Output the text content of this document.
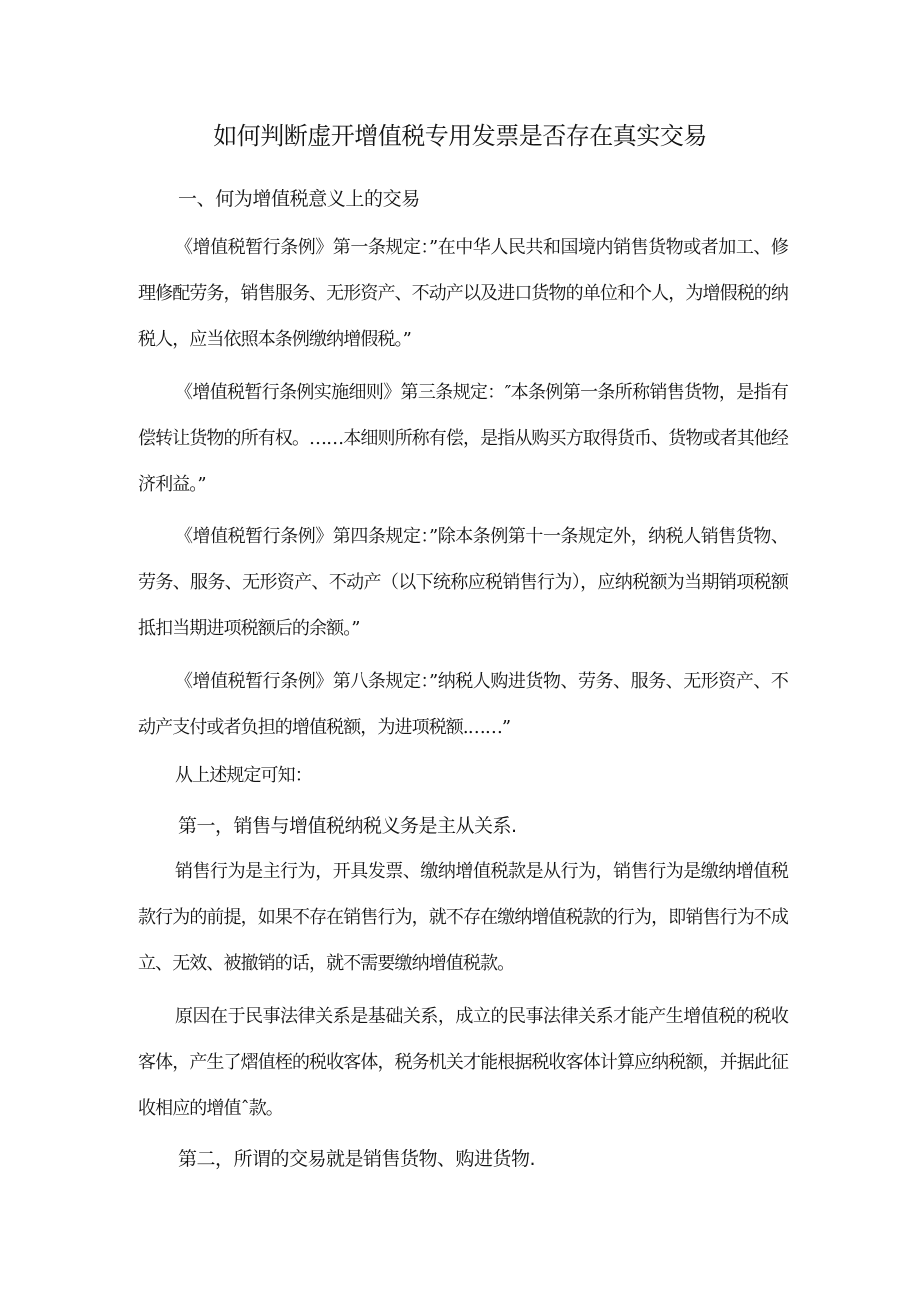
如何判断虚开增值税专用发票是否存在真实交易
一、何为增值税意义上的交易

《增值税暂行条例》第一条规定：”在中华人民共和国境内销售货物或者加工、修理修配劳务，销售服务、无形资产、不动产以及进口货物的单位和个人，为增假税的纳税人，应当依照本条例缴纳增假税。”

《增值税暂行条例实施细则》第三条规定：″本条例第一条所称销售货物，是指有偿转让货物的所有权。……本细则所称有偿，是指从购买方取得货币、货物或者其他经济利益。”

《增值税暂行条例》第四条规定：”除本条例第十一条规定外，纳税人销售货物、劳务、服务、无形资产、不动产（以下统称应税销售行为），应纳税额为当期销项税额抵扣当期进项税额后的余额。”

《增值税暂行条例》第八条规定：”纳税人购进货物、劳务、服务、无形资产、不动产支付或者负担的增值税额，为进项税额.……”

从上述规定可知：

第一，销售与增值税纳税义务是主从关系.

销售行为是主行为，开具发票、缴纳增值税款是从行为，销售行为是缴纳增值税款行为的前提，如果不存在销售行为，就不存在缴纳增值税款的行为，即销售行为不成立、无效、被撤销的话，就不需要缴纳增值税款。

原因在于民事法律关系是基础关系，成立的民事法律关系才能产生增值税的税收客体，产生了熠值桎的税收客体，税务机关才能根据税收客体计算应纳税额，并据此征收相应的增值ˆ款。

第二，所谓的交易就是销售货物、购进货物.
